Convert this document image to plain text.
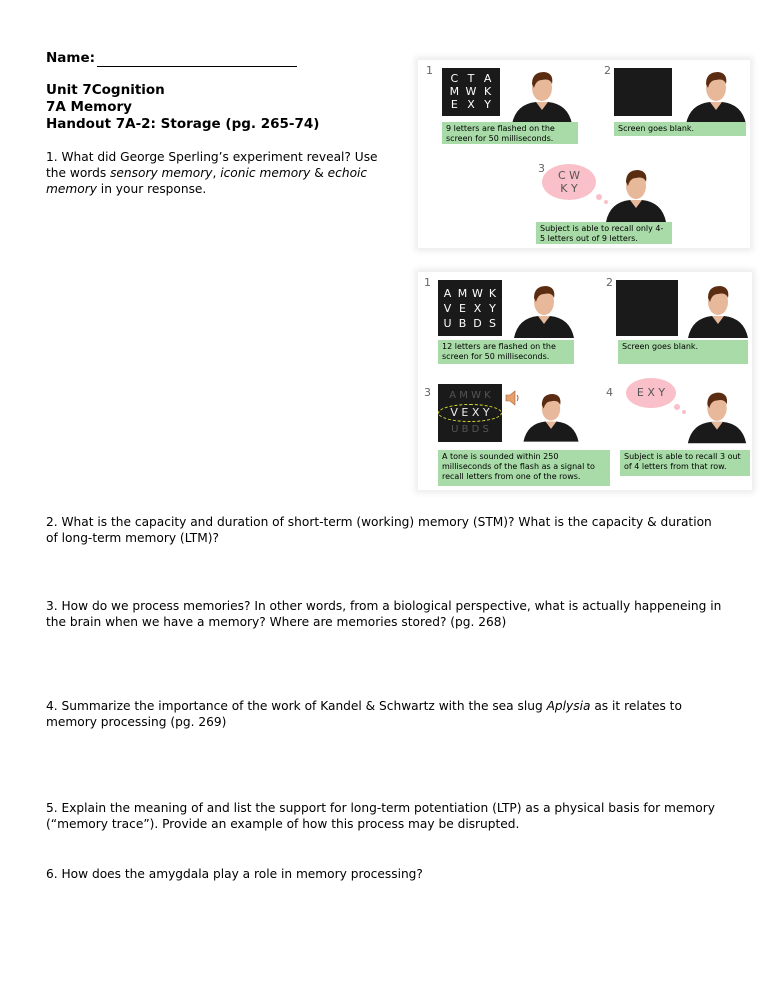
Name:
Unit 7Cognition
7A Memory
Handout 7A-2: Storage (pg. 265-74)
1. What did George Sperling’s experiment reveal? Use the words sensory memory, iconic memory & echoic memory in your response.
1
C T A
M W K
E X Y
9 letters are flashed on the screen for 50 milliseconds.
2
Screen goes blank.
3
C W
K Y
Subject is able to recall only 4-5 letters out of 9 letters.
1
A M W K
V E X Y
U B D S
12 letters are flashed on the screen for 50 milliseconds.
2
Screen goes blank.
3	A M W K
V E X Y
U B D S
A tone is sounded within 250 milliseconds of the flash as a signal to recall letters from one of the rows.
4	E X Y
Subject is able to recall 3 out of 4 letters from that row.
2. What is the capacity and duration of short-term (working) memory (STM)? What is the capacity & duration of long-term memory (LTM)?
3. How do we process memories? In other words, from a biological perspective, what is actually happeneing in the brain when we have a memory? Where are memories stored? (pg. 268)
4. Summarize the importance of the work of Kandel & Schwartz with the sea slug Aplysia as it relates to memory processing (pg. 269)
5. Explain the meaning of and list the support for long-term potentiation (LTP) as a physical basis for memory (“memory trace”). Provide an example of how this process may be disrupted.
6. How does the amygdala play a role in memory processing?
